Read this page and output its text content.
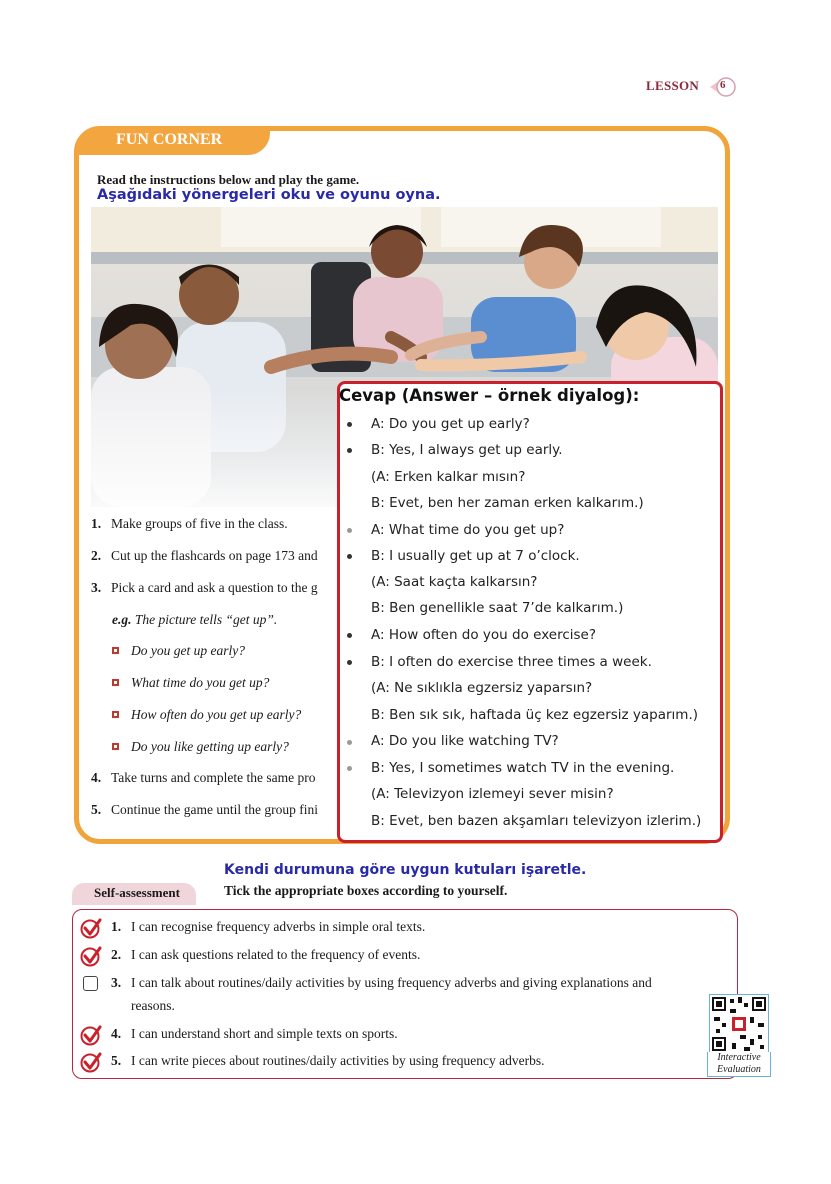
LESSON 6
FUN CORNER
Read the instructions below and play the game.
Aşağıdaki yönergeleri oku ve oyunu oyna.
1. Make groups of five in the class.
2. Cut up the flashcards on page 173 and
3. Pick a card and ask a question to the g
e.g. The picture tells “get up”.
Do you get up early?
What time do you get up?
How often do you get up early?
Do you like getting up early?
4. Take turns and complete the same pro
5. Continue the game until the group fini
Cevap (Answer – örnek diyalog):
A: Do you get up early?
B: Yes, I always get up early.
(A: Erken kalkar mısın?
B: Evet, ben her zaman erken kalkarım.)
A: What time do you get up?
B: I usually get up at 7 o’clock.
(A: Saat kaçta kalkarsın?
B: Ben genellikle saat 7’de kalkarım.)
A: How often do you do exercise?
B: I often do exercise three times a week.
(A: Ne sıklıkla egzersiz yaparsın?
B: Ben sık sık, haftada üç kez egzersiz yaparım.)
A: Do you like watching TV?
B: Yes, I sometimes watch TV in the evening.
(A: Televizyon izlemeyi sever misin?
B: Evet, ben bazen akşamları televizyon izlerim.)
Kendi durumuna göre uygun kutuları işaretle.
Tick the appropriate boxes according to yourself.
Self-assessment
1. I can recognise frequency adverbs in simple oral texts.
2. I can ask questions related to the frequency of events.
3. I can talk about routines/daily activities by using frequency adverbs and giving explanations and
reasons.
4. I can understand short and simple texts on sports.
5. I can write pieces about routines/daily activities by using frequency adverbs.	Interactive
Evaluation
